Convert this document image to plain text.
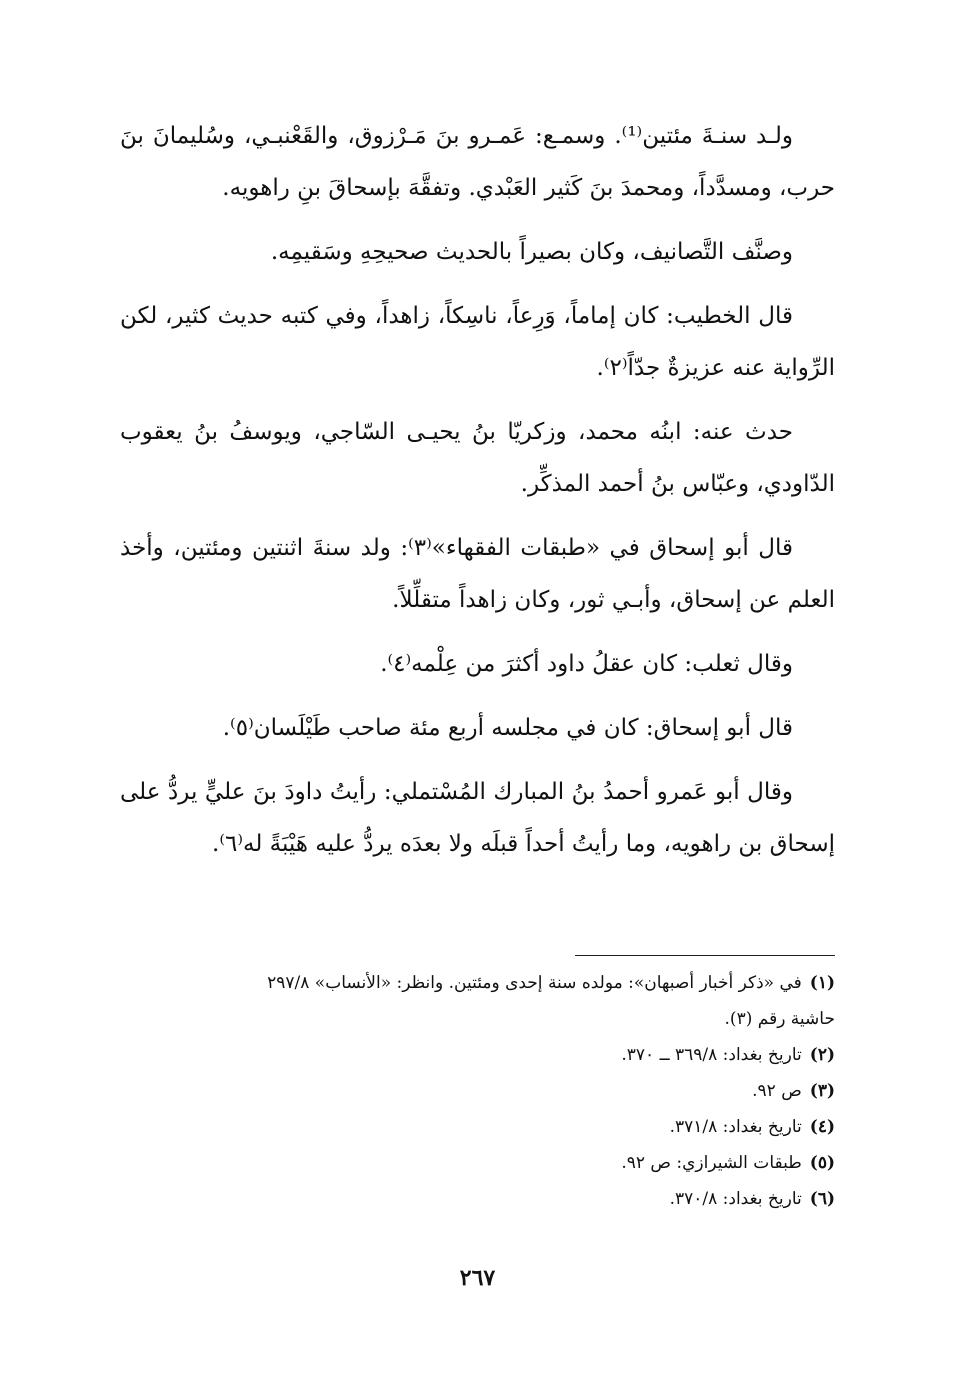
ولـد سنـةَ مئتين⁽¹⁾. وسمـع: عَمـرو بنَ مَـرْزوق، والقَعْنبـي، وسُليمانَ بنَ حرب، ومسدَّداً، ومحمدَ بنَ كَثير العَبْدي. وتفقَّهَ بإسحاقَ بنِ راهويه.

وصنَّف التَّصانيف، وكان بصيراً بالحديث صحيحِهِ وسَقيمِه.

قال الخطيب: كان إماماً، وَرِعاً، ناسِكاً، زاهداً، وفي كتبه حديث كثير، لكن الرِّواية عنه عزيزةٌ جدّاً⁽٢⁾.

حدث عنه: ابنُه محمد، وزكريّا بنُ يحيـى السّاجي، ويوسفُ بنُ يعقوب الدّاودي، وعبّاس بنُ أحمد المذكِّر.

قال أبو إسحاق في «طبقات الفقهاء»⁽٣⁾: ولد سنةَ اثنتين ومئتين، وأخذ العلم عن إسحاق، وأبـي ثور، وكان زاهداً متقلِّلاً.

وقال ثعلب: كان عقلُ داود أكثرَ من عِلْمه⁽٤⁾.

قال أبو إسحاق: كان في مجلسه أربع مئة صاحب طَيْلَسان⁽٥⁾.

وقال أبو عَمرو أحمدُ بنُ المبارك المُسْتملي: رأيتُ داودَ بنَ عليٍّ يردُّ على إسحاق بن راهويه، وما رأيتُ أحداً قبلَه ولا بعدَه يردُّ عليه هَيْبَةً له⁽٦⁾.

(١)في «ذكر أخبار أصبهان»: مولده سنة إحدى ومئتين. وانظر: «الأنساب» ٢٩٧/٨

حاشية رقم (٣).

(٢)تاريخ بغداد: ٣٦٩/٨ ــ ٣٧٠.

(٣)ص ٩٢.

(٤)تاريخ بغداد: ٣٧١/٨.

(٥)طبقات الشيرازي: ص ٩٢.

(٦)تاريخ بغداد: ٣٧٠/٨.

٢٦٧
